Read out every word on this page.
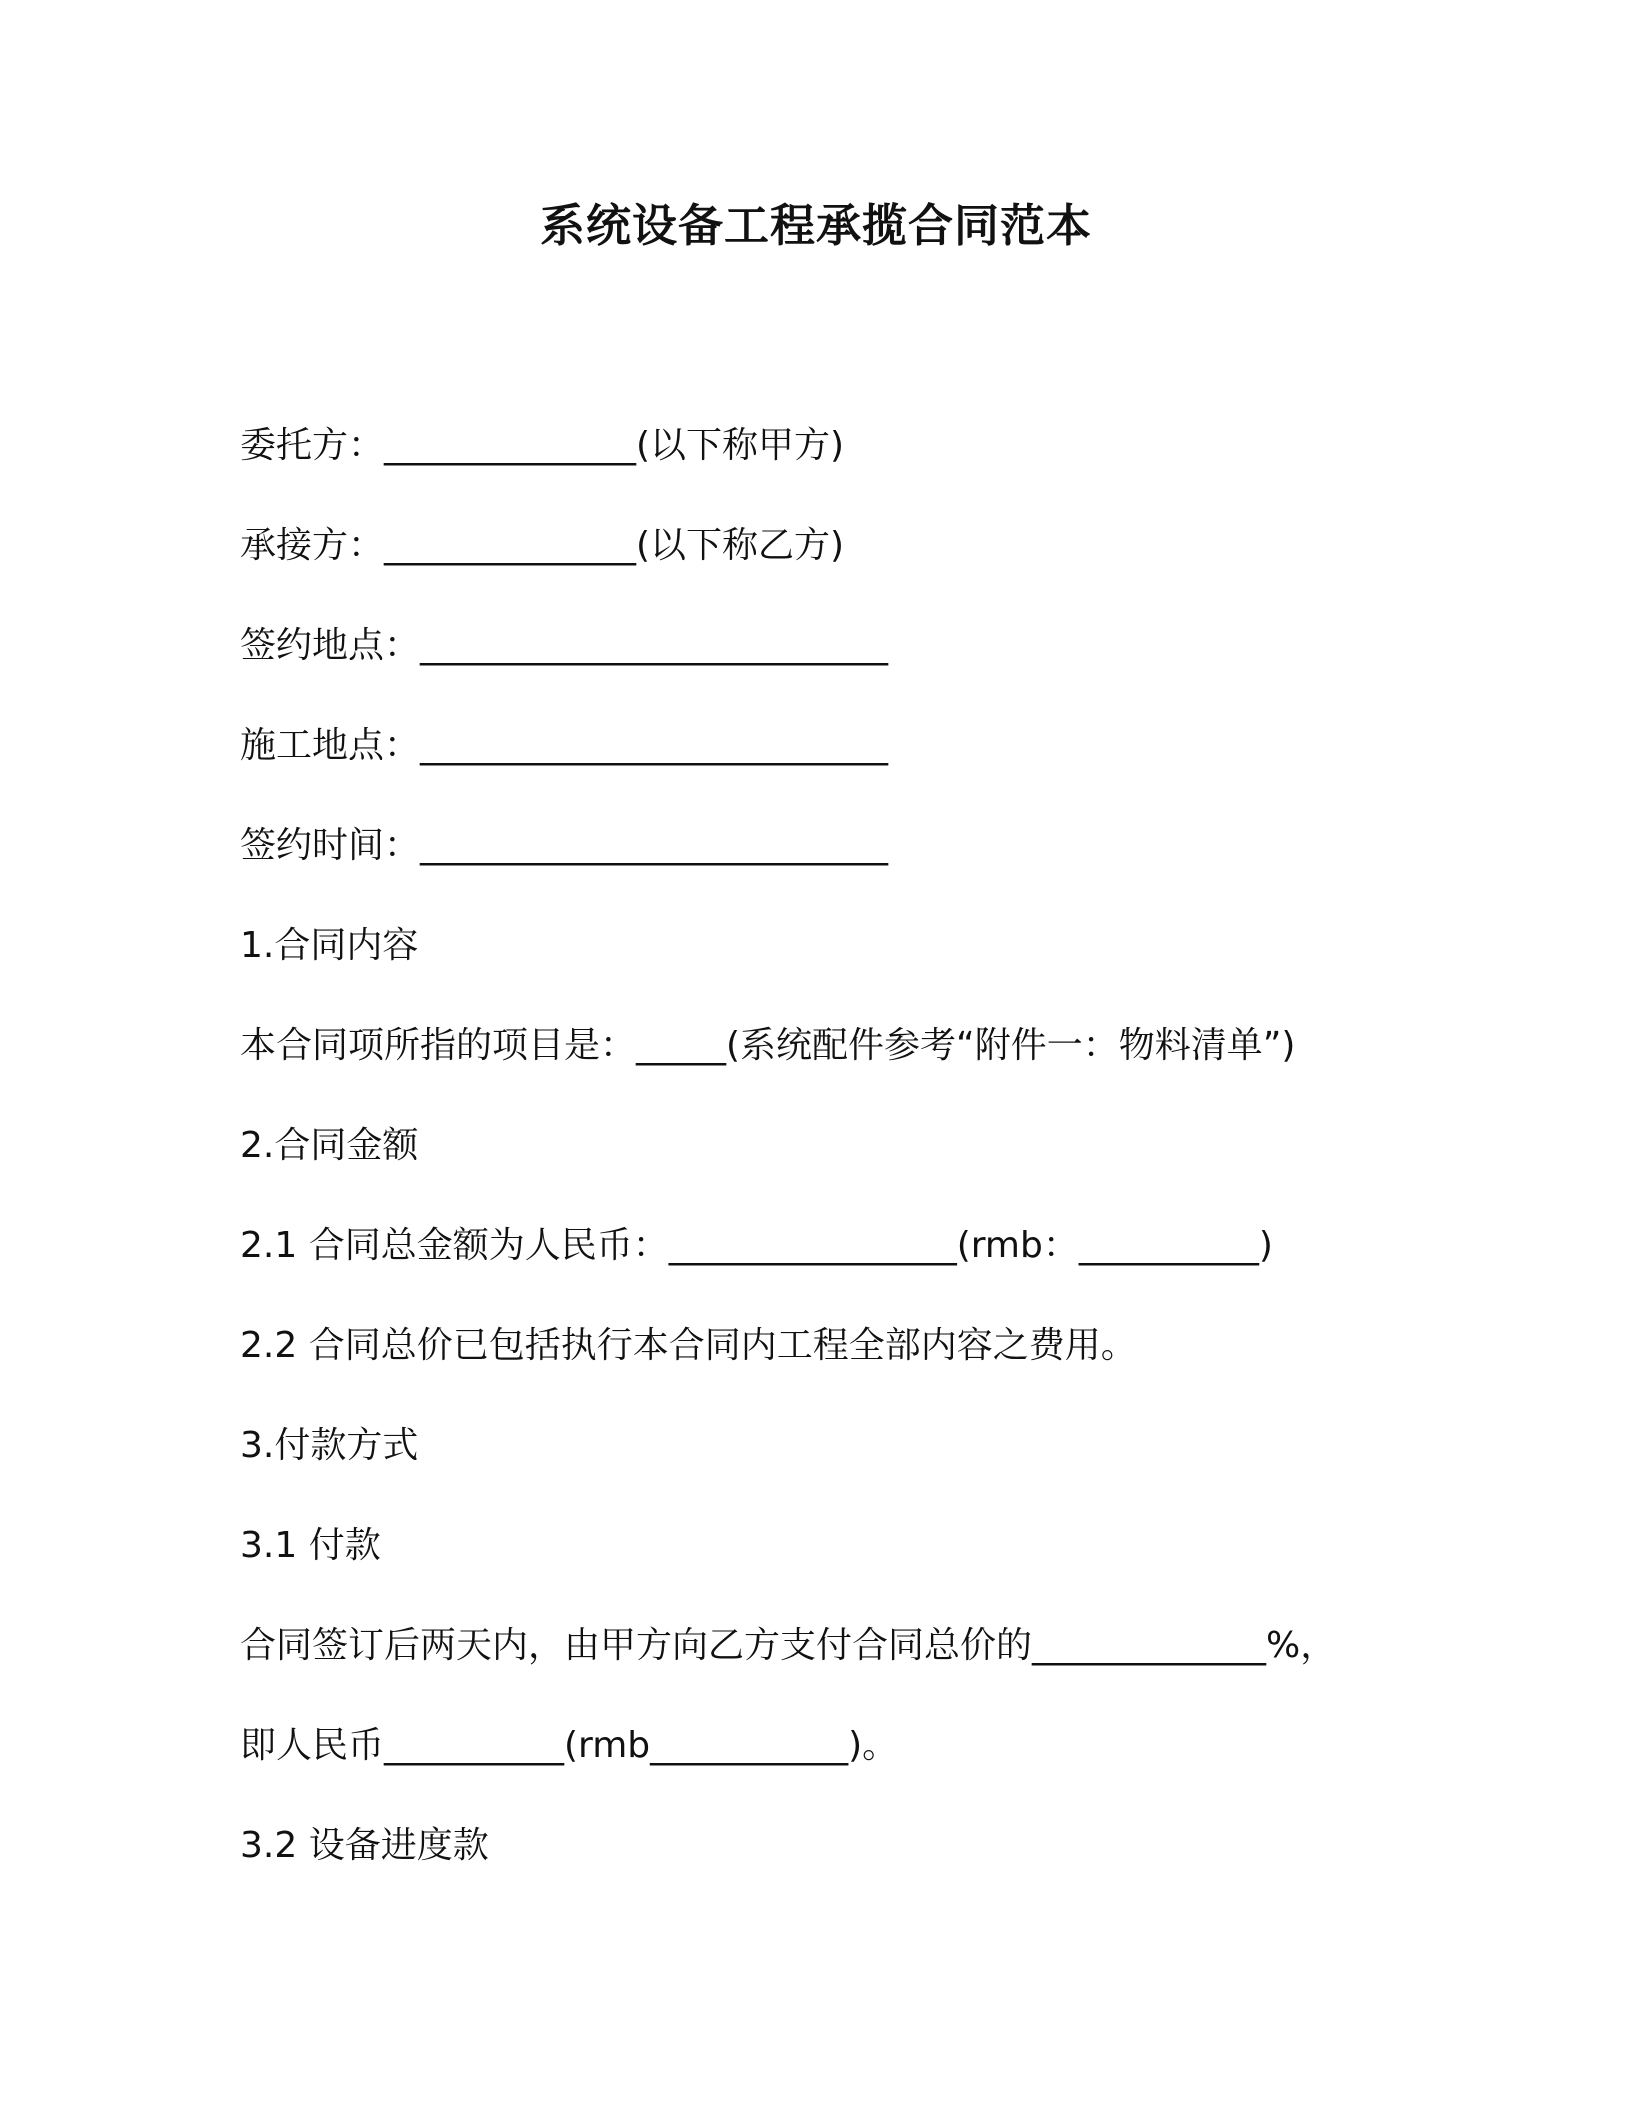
系统设备工程承揽合同范本
委托方：______________(以下称甲方)
承接方：______________(以下称乙方)
签约地点：__________________________
施工地点：__________________________
签约时间：__________________________
1.合同内容
本合同项所指的项目是：_____(系统配件参考“附件一：物料清单”)
2.合同金额
2.1 合同总金额为人民币：________________(rmb：__________)
2.2 合同总价已包括执行本合同内工程全部内容之费用。
3.付款方式
3.1 付款
合同签订后两天内，由甲方向乙方支付合同总价的_____________%，
即人民币__________(rmb___________)。
3.2 设备进度款
